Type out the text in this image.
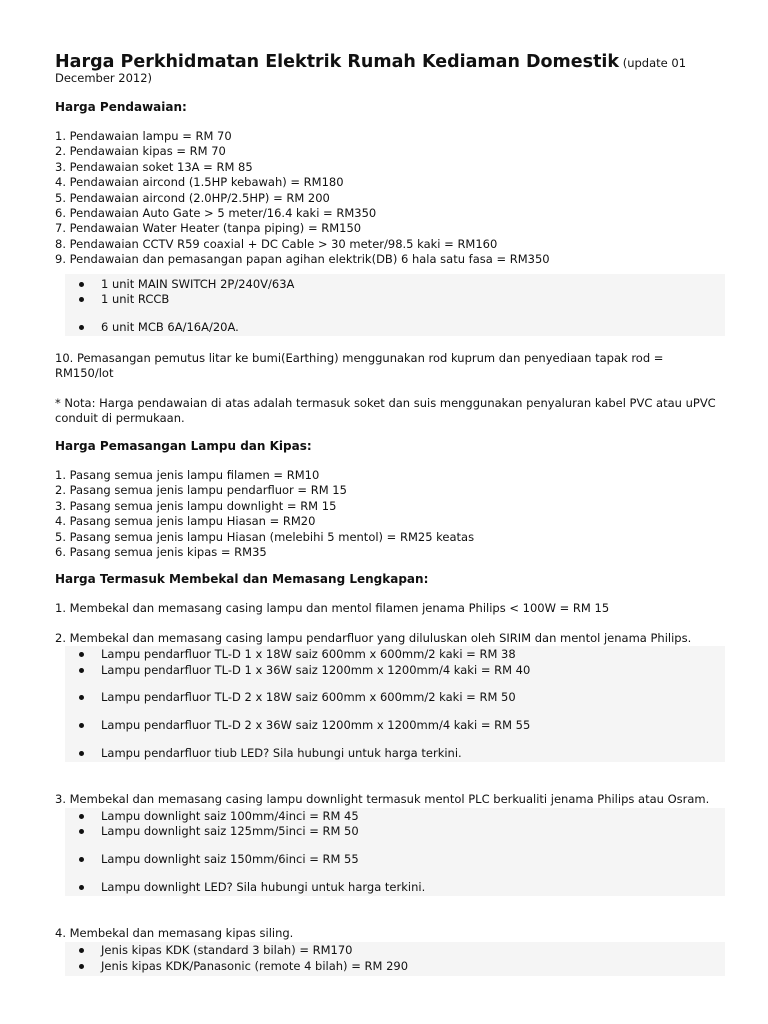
Harga Perkhidmatan Elektrik Rumah Kediaman Domestik (update 01
December 2012)
Harga Pendawaian:
1. Pendawaian lampu = RM 70
2. Pendawaian kipas = RM 70
3. Pendawaian soket 13A = RM 85
4. Pendawaian aircond (1.5HP kebawah) = RM180
5. Pendawaian aircond (2.0HP/2.5HP) = RM 200
6. Pendawaian Auto Gate > 5 meter/16.4 kaki = RM350
7. Pendawaian Water Heater (tanpa piping) = RM150
8. Pendawaian CCTV R59 coaxial + DC Cable > 30 meter/98.5 kaki = RM160
9. Pendawaian dan pemasangan papan agihan elektrik(DB) 6 hala satu fasa = RM350
1 unit MAIN SWITCH 2P/240V/63A
1 unit RCCB
6 unit MCB 6A/16A/20A.

10. Pemasangan pemutus litar ke bumi(Earthing) menggunakan rod kuprum dan penyediaan tapak rod =
RM150/lot

* Nota: Harga pendawaian di atas adalah termasuk soket dan suis menggunakan penyaluran kabel PVC atau uPVC
conduit di permukaan.

Harga Pemasangan Lampu dan Kipas:
1. Pasang semua jenis lampu filamen = RM10
2. Pasang semua jenis lampu pendarfluor = RM 15
3. Pasang semua jenis lampu downlight = RM 15
4. Pasang semua jenis lampu Hiasan = RM20
5. Pasang semua jenis lampu Hiasan (melebihi 5 mentol) = RM25 keatas
6. Pasang semua jenis kipas = RM35
Harga Termasuk Membekal dan Memasang Lengkapan:
1. Membekal dan memasang casing lampu dan mentol filamen jenama Philips < 100W = RM 15
2. Membekal dan memasang casing lampu pendarfluor yang diluluskan oleh SIRIM dan mentol jenama Philips.
Lampu pendarfluor TL-D 1 x 18W saiz 600mm x 600mm/2 kaki = RM 38
Lampu pendarfluor TL-D 1 x 36W saiz 1200mm x 1200mm/4 kaki = RM 40
Lampu pendarfluor TL-D 2 x 18W saiz 600mm x 600mm/2 kaki = RM 50
Lampu pendarfluor TL-D 2 x 36W saiz 1200mm x 1200mm/4 kaki = RM 55
Lampu pendarfluor tiub LED? Sila hubungi untuk harga terkini.
3. Membekal dan memasang casing lampu downlight termasuk mentol PLC berkualiti jenama Philips atau Osram.
Lampu downlight saiz 100mm/4inci = RM 45
Lampu downlight saiz 125mm/5inci = RM 50
Lampu downlight saiz 150mm/6inci = RM 55
Lampu downlight LED? Sila hubungi untuk harga terkini.
4. Membekal dan memasang kipas siling.
Jenis kipas KDK (standard 3 bilah) = RM170
Jenis kipas KDK/Panasonic (remote 4 bilah) = RM 290
